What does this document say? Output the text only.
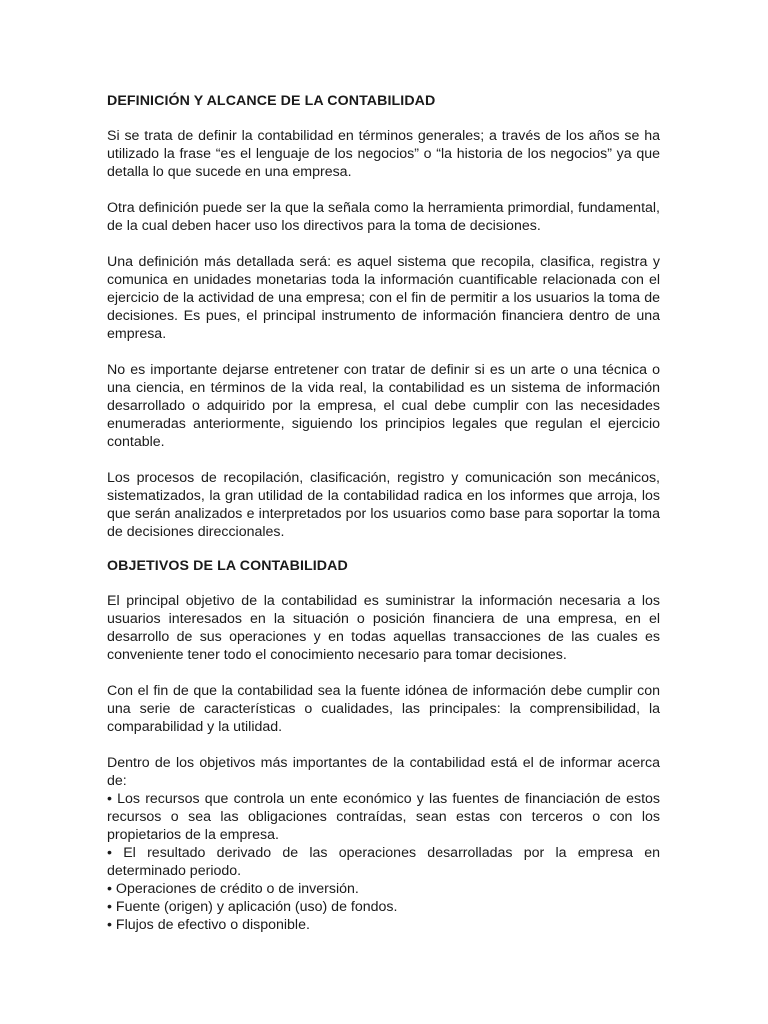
DEFINICIÓN Y ALCANCE DE LA CONTABILIDAD

Si se trata de definir la contabilidad en términos generales; a través de los años se ha utilizado la frase “es el lenguaje de los negocios” o “la historia de los negocios” ya que detalla lo que sucede en una empresa.

Otra definición puede ser la que la señala como la herramienta primordial, fundamental, de la cual deben hacer uso los directivos para la toma de decisiones.

Una definición más detallada será: es aquel sistema que recopila, clasifica, registra y comunica en unidades monetarias toda la información cuantificable relacionada con el ejercicio de la actividad de una empresa; con el fin de permitir a los usuarios la toma de decisiones. Es pues, el principal instrumento de información financiera dentro de una empresa.

No es importante dejarse entretener con tratar de definir si es un arte o una técnica o una ciencia, en términos de la vida real, la contabilidad es un sistema de información desarrollado o adquirido por la empresa, el cual debe cumplir con las necesidades enumeradas anteriormente, siguiendo los principios legales que regulan el ejercicio contable.

Los procesos de recopilación, clasificación, registro y comunicación son mecánicos, sistematizados, la gran utilidad de la contabilidad radica en los informes que arroja, los que serán analizados e interpretados por los usuarios como base para soportar la toma de decisiones direccionales.

OBJETIVOS DE LA CONTABILIDAD

El principal objetivo de la contabilidad es suministrar la información necesaria a los usuarios interesados en la situación o posición financiera de una empresa, en el desarrollo de sus operaciones y en todas aquellas transacciones de las cuales es conveniente tener todo el conocimiento necesario para tomar decisiones.

Con el fin de que la contabilidad sea la fuente idónea de información debe cumplir con una serie de características o cualidades, las principales: la comprensibilidad, la comparabilidad y la utilidad.

Dentro de los objetivos más importantes de la contabilidad está el de informar acerca de:

• Los recursos que controla un ente económico y las fuentes de financiación de estos recursos o sea las obligaciones contraídas, sean estas con terceros o con los propietarios de la empresa.
• El resultado derivado de las operaciones desarrolladas por la empresa en determinado periodo.
• Operaciones de crédito o de inversión.
• Fuente (origen) y aplicación (uso) de fondos.
• Flujos de efectivo o disponible.
